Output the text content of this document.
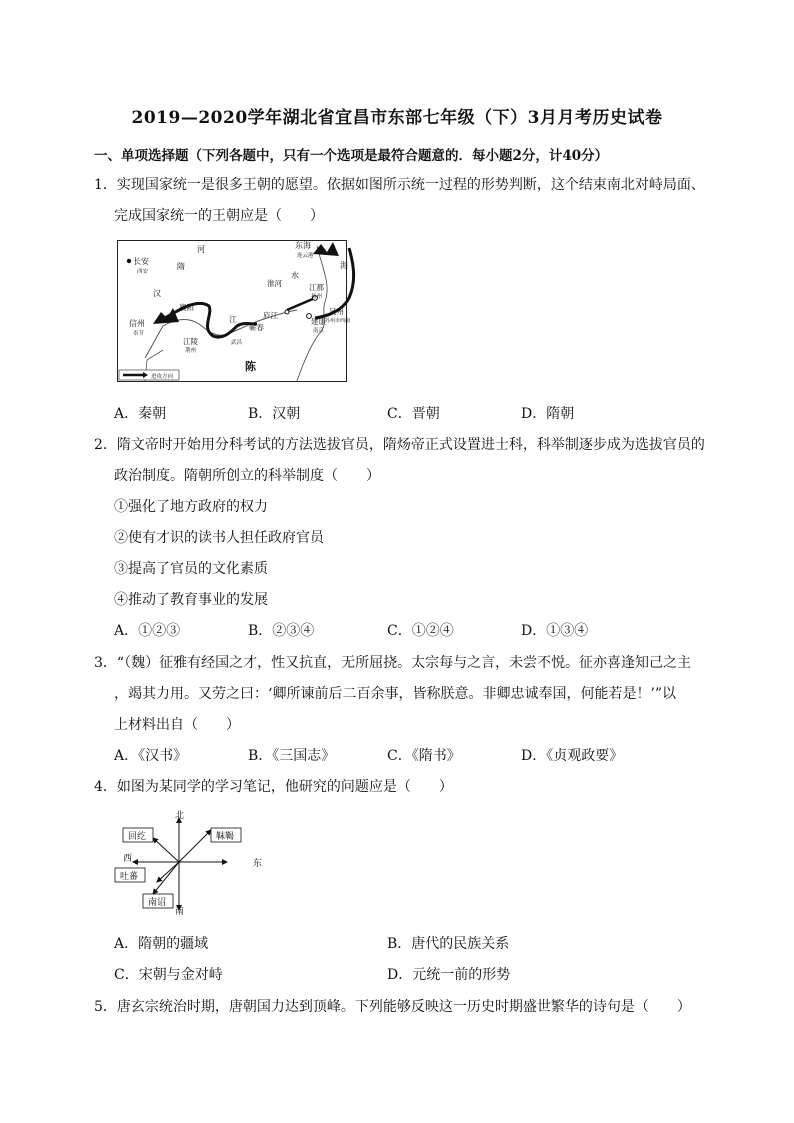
2019—2020学年湖北省宜昌市东部七年级（下）3月月考历史试卷
一、单项选择题（下列各题中，只有一个选项是最符合题意的．每小题2分，计40分）
1．实现国家统一是很多王朝的愿望。依据如图所示统一过程的形势判断，这个结束南北对峙局面、
完成国家统一的王朝应是（　　）
长安
西安
隋
河	东海
连云港
海
淮河
水
江都
扬州
汉
襄阳
建康
南京
吴州
苏州市西南
信州
奉节
庐江
江
蕲春
江陵
荆州
武昌
陈
进攻方向
A．秦朝	B．汉朝	C．晋朝	D．隋朝
2．隋文帝时开始用分科考试的方法选拔官员，隋炀帝正式设置进士科，科举制逐步成为选拔官员的
政治制度。隋朝所创立的科举制度（　　）
①强化了地方政府的权力
②使有才识的读书人担任政府官员
③提高了官员的文化素质
④推动了教育事业的发展
A．①②③	B．②③④	C．①②④	D．①③④
3．“（魏）征雅有经国之才，性又抗直，无所屈挠。太宗每与之言，未尝不悦。征亦喜逢知己之主
，竭其力用。又劳之曰：‘卿所谏前后二百余事，皆称朕意。非卿忠诚奉国，何能若是！’”以
上材料出自（　　）
A．《汉书》	B．《三国志》	C．《隋书》	D．《贞观政要》
4．如图为某同学的学习笔记，他研究的问题应是（　　）
北
南
东
西
回纥	靺鞨
吐蕃
南诏
A．隋朝的疆域	B．唐代的民族关系
C．宋朝与金对峙	D．元统一前的形势
5．唐玄宗统治时期，唐朝国力达到顶峰。下列能够反映这一历史时期盛世繁华的诗句是（　　）
